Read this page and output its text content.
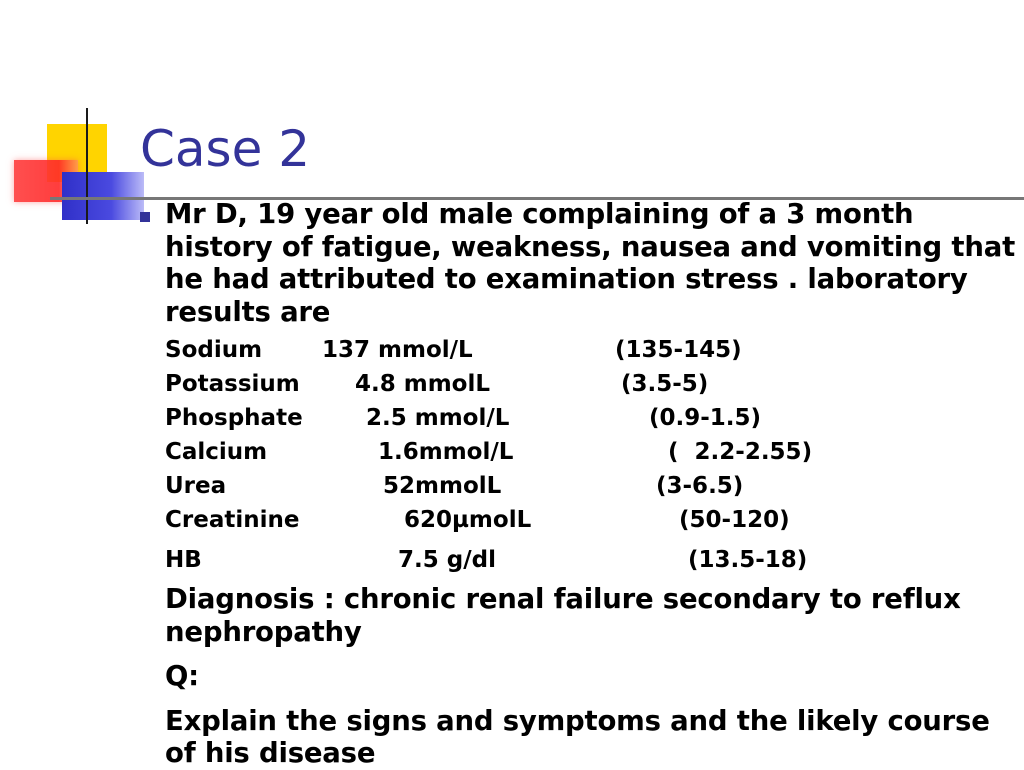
Case 2

Mr D, 19 year old male complaining of a 3 month history of fatigue, weakness, nausea and vomiting that he had attributed to examination stress . laboratory results are

Sodium	137 mmol/L	(135-145)
Potassium 4.8 mmolL	(3.5-5)
Phosphate	2.5 mmol/L	(0.9-1.5)
Calcium	1.6mmol/L	(  2.2-2.55)
Urea	52mmolL	(3-6.5)
Creatinine	620µmolL	(50-120)
HB	7.5 g/dl	(13.5-18)

Diagnosis : chronic renal failure secondary to reflux nephropathy

Q:

Explain the signs and symptoms and the likely course of his disease
